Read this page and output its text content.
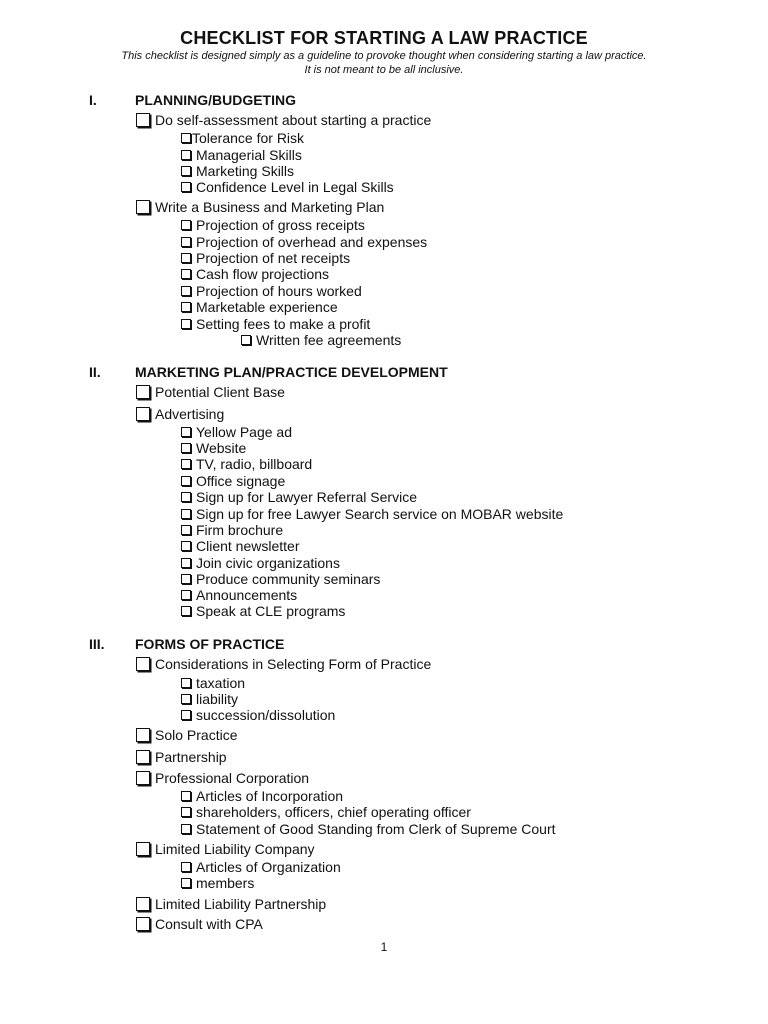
CHECKLIST FOR STARTING A LAW PRACTICE
This checklist is designed simply as a guideline to provoke thought when considering starting a law practice.
It is not meant to be all inclusive.
I.	PLANNING/BUDGETING
Do self-assessment about starting a practice
Tolerance for Risk
Managerial Skills
Marketing Skills
Confidence Level in Legal Skills
Write a Business and Marketing Plan
Projection of gross receipts
Projection of overhead and expenses
Projection of net receipts
Cash flow projections
Projection of hours worked
Marketable experience
Setting fees to make a profit
Written fee agreements
II. MARKETING PLAN/PRACTICE DEVELOPMENT
Potential Client Base
Advertising
Yellow Page ad
Website
TV, radio, billboard
Office signage
Sign up for Lawyer Referral Service
Sign up for free Lawyer Search service on MOBAR website
Firm brochure
Client newsletter
Join civic organizations
Produce community seminars
Announcements
Speak at CLE programs
III. FORMS OF PRACTICE
Considerations in Selecting Form of Practice
taxation
liability
succession/dissolution
Solo Practice
Partnership
Professional Corporation
Articles of Incorporation
shareholders, officers, chief operating officer
Statement of Good Standing from Clerk of Supreme Court
Limited Liability Company
Articles of Organization
members
Limited Liability Partnership
Consult with CPA
1
